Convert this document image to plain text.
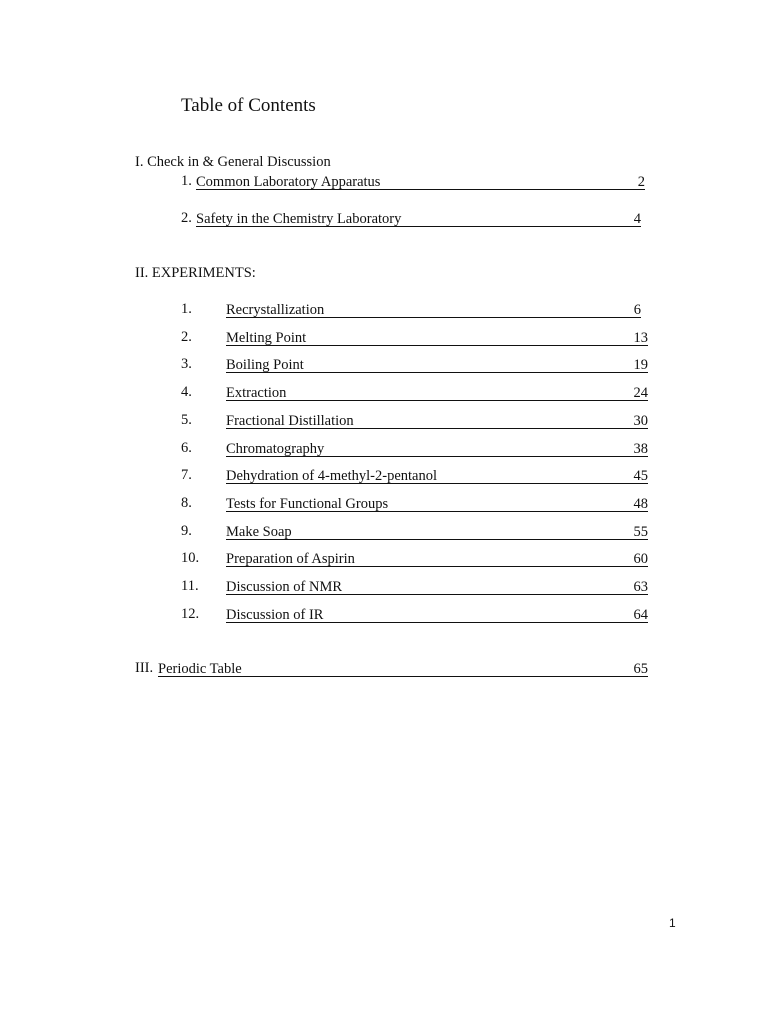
Table of Contents
I. Check in & General Discussion
1. Common Laboratory Apparatus	2
2. Safety in the Chemistry Laboratory	4
II. EXPERIMENTS:
1. Recrystallization	6
2. Melting Point	13
3. Boiling Point	19
4. Extraction	24
5. Fractional Distillation	30
6. Chromatography	38
7. Dehydration of 4-methyl-2-pentanol	45
8. Tests for Functional Groups	48
9. Make Soap	55
10. Preparation of Aspirin	60
11. Discussion of NMR	63
12. Discussion of IR	64
III. Periodic Table	65
1
